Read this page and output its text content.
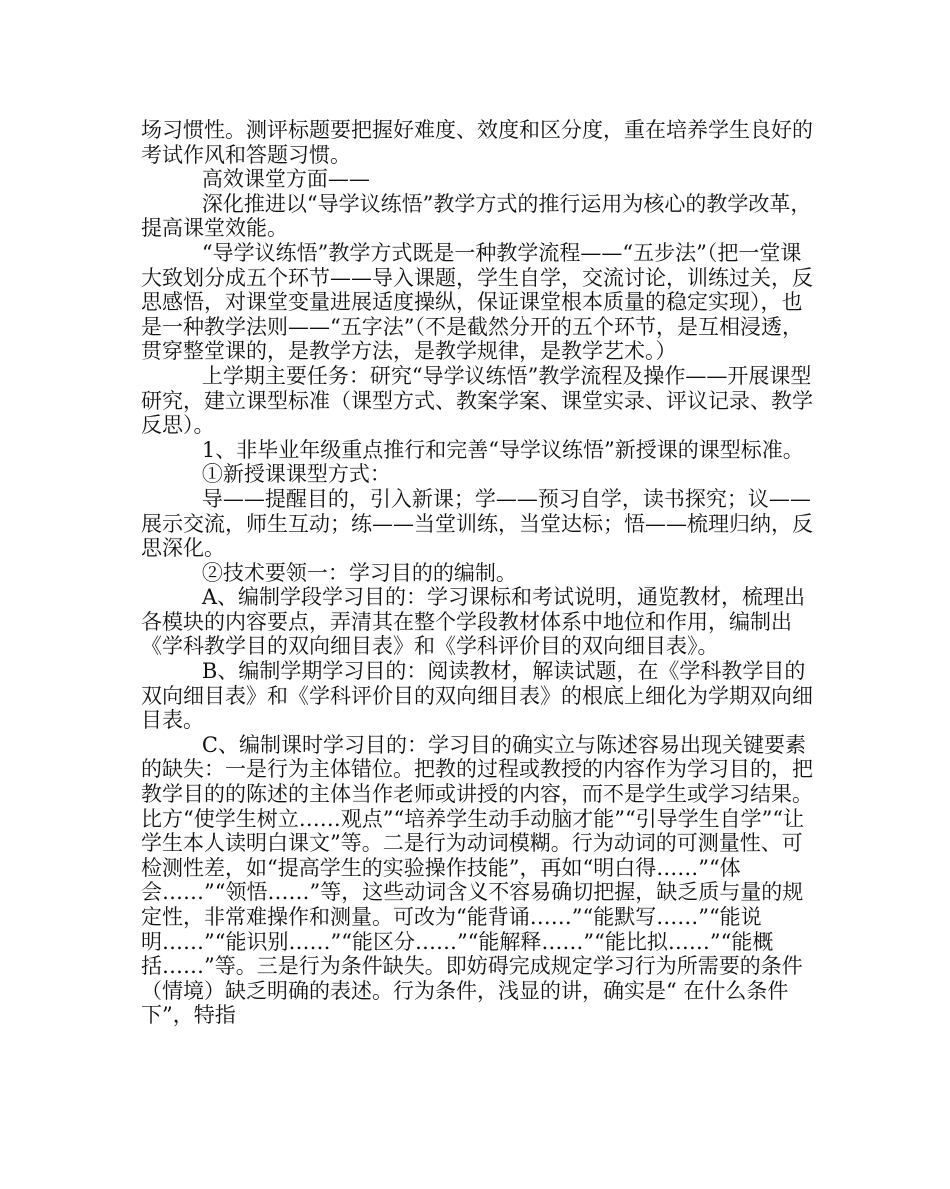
场习惯性。测评标题要把握好难度、效度和区分度，重在培养学生良好的考试作风和答题习惯。

高效课堂方面——

深化推进以“导学议练悟”教学方式的推行运用为核心的教学改革，提高课堂效能。

“导学议练悟”教学方式既是一种教学流程——“五步法”（把一堂课大致划分成五个环节——导入课题，学生自学，交流讨论，训练过关，反思感悟，对课堂变量进展适度操纵，保证课堂根本质量的稳定实现），也是一种教学法则——“五字法”（不是截然分开的五个环节，是互相浸透，贯穿整堂课的，是教学方法，是教学规律，是教学艺术。）

上学期主要任务：研究“导学议练悟”教学流程及操作——开展课型研究，建立课型标准（课型方式、教案学案、课堂实录、评议记录、教学反思）。

1、非毕业年级重点推行和完善“导学议练悟”新授课的课型标准。

①新授课课型方式：

导——提醒目的，引入新课；学——预习自学，读书探究；议——展示交流，师生互动；练——当堂训练，当堂达标；悟——梳理归纳，反思深化。

②技术要领一：学习目的的编制。

A、编制学段学习目的：学习课标和考试说明，通览教材，梳理出各模块的内容要点，弄清其在整个学段教材体系中地位和作用，编制出《学科教学目的双向细目表》和《学科评价目的双向细目表》。

B、编制学期学习目的：阅读教材，解读试题，在《学科教学目的双向细目表》和《学科评价目的双向细目表》的根底上细化为学期双向细目表。

C、编制课时学习目的：学习目的确实立与陈述容易出现关键要素的缺失：一是行为主体错位。把教的过程或教授的内容作为学习目的，把教学目的的陈述的主体当作老师或讲授的内容，而不是学生或学习结果。比方“使学生树立……观点”“培养学生动手动脑才能”“引导学生自学”“让学生本人读明白课文”等。二是行为动词模糊。行为动词的可测量性、可检测性差，如“提高学生的实验操作技能”，再如“明白得……”“体会……”“领悟……”等，这些动词含义不容易确切把握，缺乏质与量的规定性，非常难操作和测量。可改为“能背诵……”“能默写……”“能说明……”“能识别……”“能区分……”“能解释……”“能比拟……”“能概括……”等。三是行为条件缺失。即妨碍完成规定学习行为所需要的条件（情境）缺乏明确的表述。行为条件，浅显的讲，确实是“ 在什么条件下”，特指
